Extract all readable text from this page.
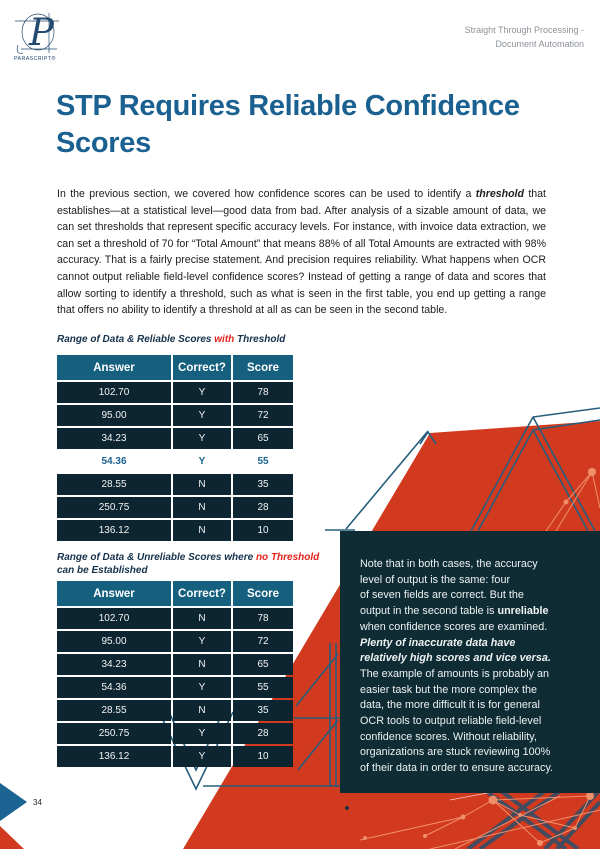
P
PARASCRIPT®
Straight Through Processing -
Document Automation
STP Requires Reliable Confidence Scores

In the previous section, we covered how confidence scores can be used to identify a threshold that establishes—at a statistical level—good data from bad. After analysis of a sizable amount of data, we can set thresholds that represent specific accuracy levels. For instance, with invoice data extraction, we can set a threshold of 70 for “Total Amount” that means 88% of all Total Amounts are extracted with 98% accuracy. That is a fairly precise statement. And precision requires reliability. What happens when OCR cannot output reliable field-level confidence scores? Instead of getting a range of data and scores that allow sorting to identify a threshold, such as what is seen in the first table, you end up getting a range that offers no ability to identify a threshold at all as can be seen in the second table.

Range of Data & Reliable Scores with Threshold
Answer	Correct?	Score
102.70	Y	78
95.00	Y	72
34.23	Y	65
54.36	Y	55
28.55	N	35
250.75	N	28
136.12	N	10
Range of Data & Unreliable Scores where no Threshold
can be Established
Answer	Correct?	Score
102.70	N	78
95.00	Y	72
34.23	N	65
54.36	Y	55
28.55	N	35
250.75	Y	28
136.12	Y	10
Note that in both cases, the accuracy
level of output is the same: four
of seven fields are correct. But the
output in the second table is unreliable
when confidence scores are examined.
Plenty of inaccurate data have
relatively high scores and vice versa.
The example of amounts is probably an
easier task but the more complex the
data, the more difficult it is for general
OCR tools to output reliable field-level
confidence scores. Without reliability,
organizations are stuck reviewing 100%
of their data in order to ensure accuracy.
34
